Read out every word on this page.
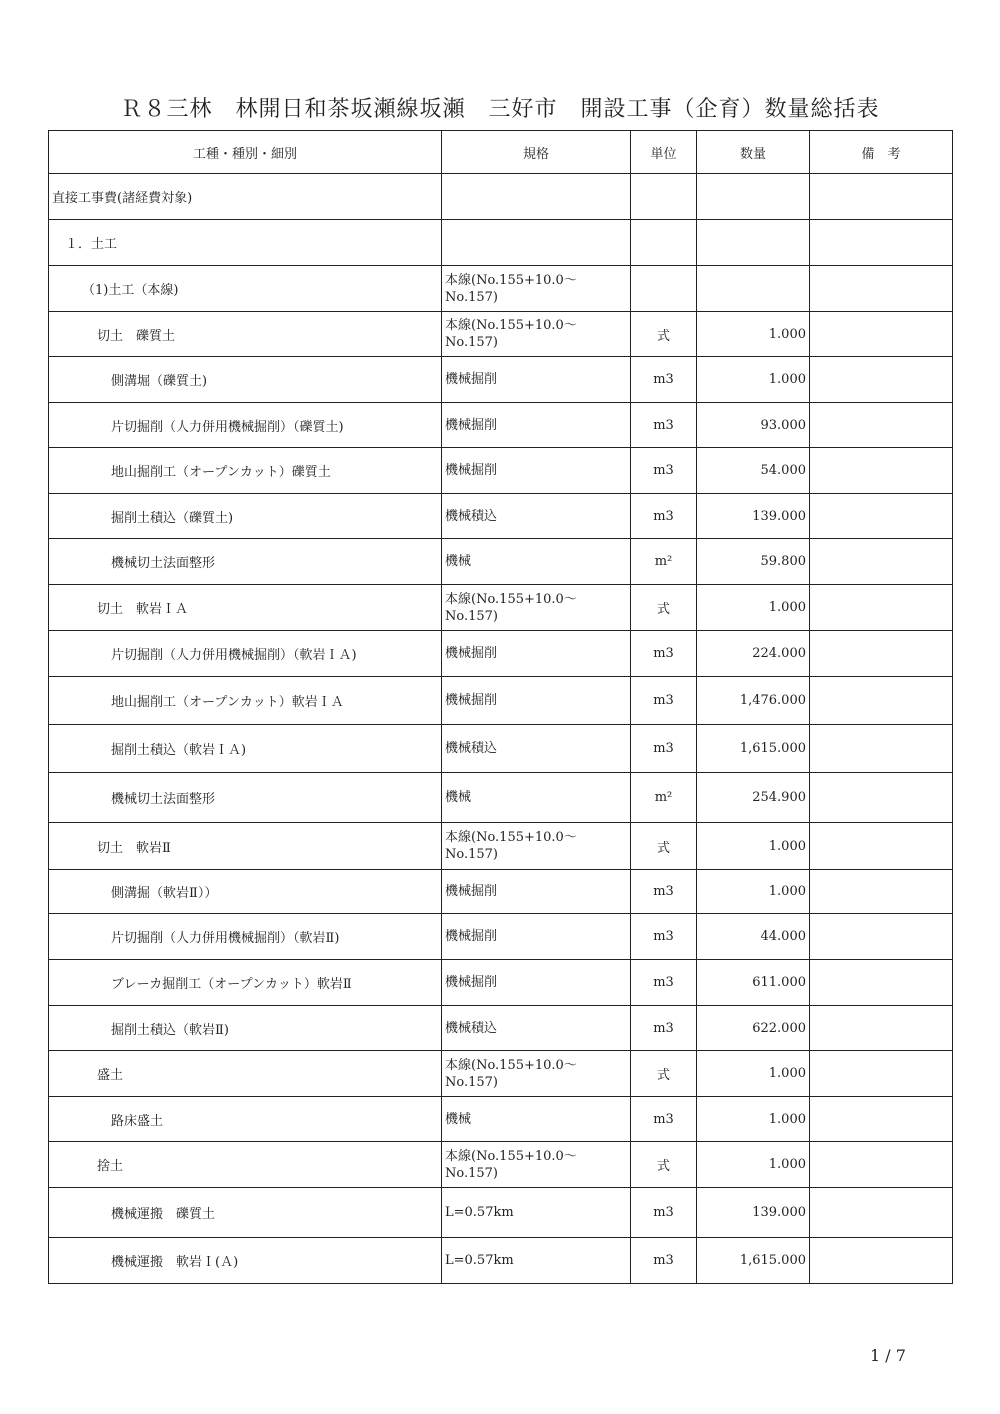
Ｒ８三林　林開日和茶坂瀬線坂瀬　三好市　開設工事（企育）数量総括表
工種・種別・細別	規格	単位	数量	備　考
直接工事費(諸経費対象)				
１．土工				
（1)土工（本線)	本線(No.155+10.0〜No.157)			
切土　礫質土	本線(No.155+10.0〜No.157)	式	1.000	
側溝堀（礫質土)	機械掘削	m3	1.000	
片切掘削（人力併用機械掘削）（礫質土)	機械掘削	m3	93.000	
地山掘削工（オープンカット）礫質土	機械掘削	m3	54.000	
掘削土積込（礫質土)	機械積込	m3	139.000	
機械切土法面整形	機械	m²	59.800	
切土　軟岩ＩＡ	本線(No.155+10.0〜No.157)	式	1.000	
片切掘削（人力併用機械掘削）（軟岩ＩＡ)	機械掘削	m3	224.000	
地山掘削工（オープンカット）軟岩ＩＡ	機械掘削	m3	1,476.000	
掘削土積込（軟岩ＩＡ)	機械積込	m3	1,615.000	
機械切土法面整形	機械	m²	254.900	
切土　軟岩Ⅱ	本線(No.155+10.0〜No.157)	式	1.000	
側溝掘（軟岩Ⅱ））	機械掘削	m3	1.000	
片切掘削（人力併用機械掘削）（軟岩Ⅱ)	機械掘削	m3	44.000	
ブレーカ掘削工（オープンカット）軟岩Ⅱ	機械掘削	m3	611.000	
掘削土積込（軟岩Ⅱ)	機械積込	m3	622.000	
盛土	本線(No.155+10.0〜No.157)	式	1.000	
路床盛土	機械	m3	1.000	
捨土	本線(No.155+10.0〜No.157)	式	1.000	
機械運搬　礫質土	L=0.57km	m3	139.000	
機械運搬　軟岩Ｉ(Ａ)	L=0.57km	m3	1,615.000	
1 / 7
